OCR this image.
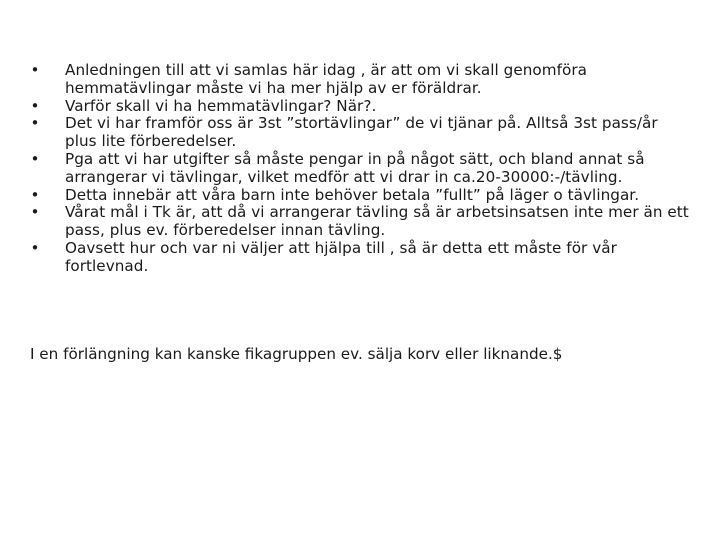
• Anledningen till att vi samlas här idag , är att om vi skall genomföra hemmatävlingar måste vi ha mer hjälp av er föräldrar.
• Varför skall vi ha hemmatävlingar? När?.
• Det vi har framför oss är 3st ”stortävlingar” de vi tjänar på. Alltså 3st pass/år plus lite förberedelser.
• Pga att vi har utgifter så måste pengar in på något sätt, och bland annat så arrangerar vi tävlingar, vilket medför att vi drar in ca.20-30000:-/tävling.
• Detta innebär att våra barn inte behöver betala ”fullt” på läger o tävlingar.
• Vårat mål i Tk är, att då vi arrangerar tävling så är arbetsinsatsen inte mer än ett pass, plus ev. förberedelser innan tävling.
• Oavsett hur och var ni väljer att hjälpa till , så är detta ett måste för vår fortlevnad.

I en förlängning kan kanske fikagruppen ev. sälja korv eller liknande.$
